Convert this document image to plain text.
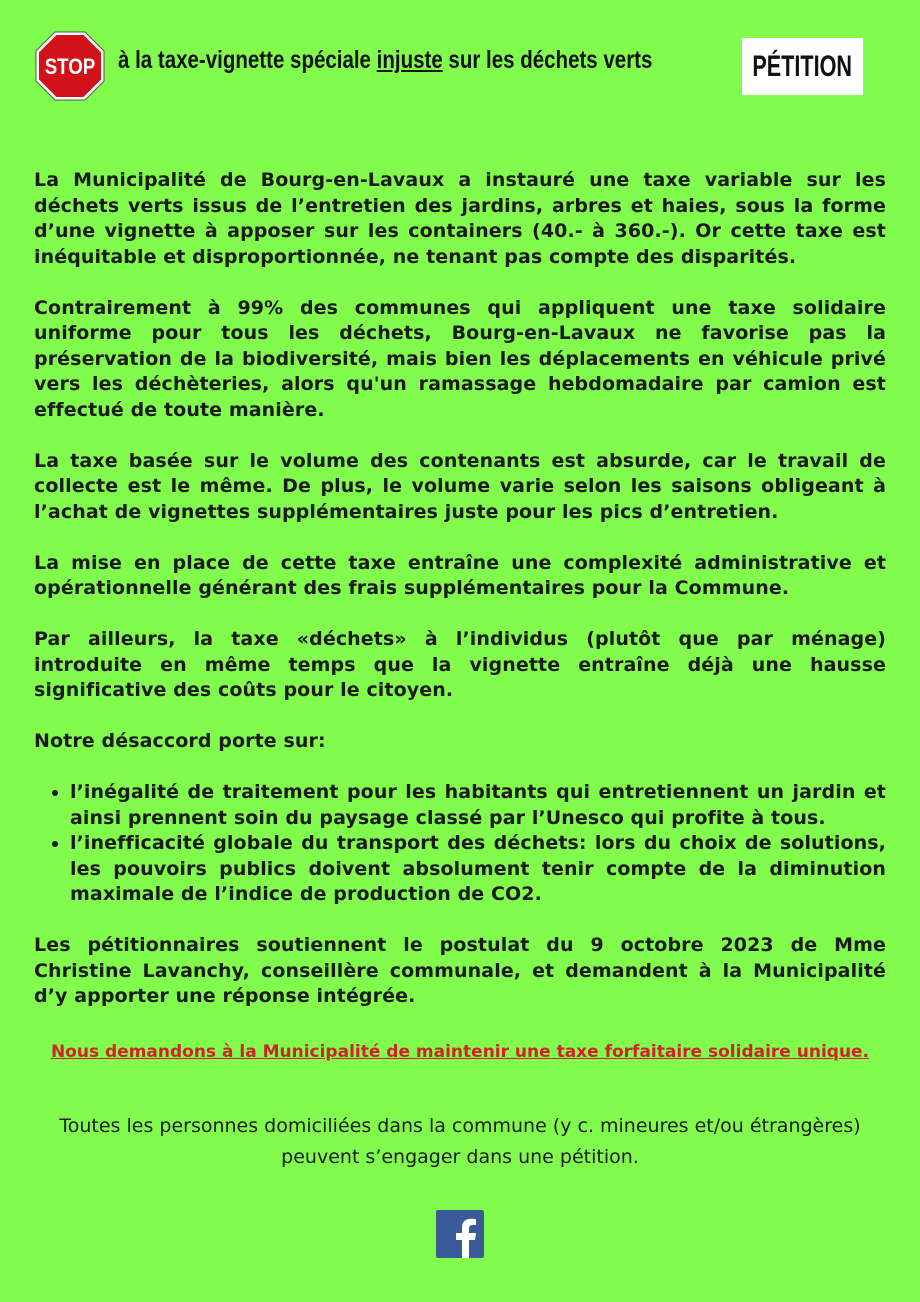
STOP à la taxe-vignette spéciale injuste sur les déchets verts	PÉTITION

La Municipalité de Bourg-en-Lavaux a instauré une taxe variable sur les déchets verts issus de l’entretien des jardins, arbres et haies, sous la forme d’une vignette à apposer sur les containers (40.- à 360.-). Or cette taxe est inéquitable et disproportionnée, ne tenant pas compte des disparités.

Contrairement à 99% des communes qui appliquent une taxe solidaire uniforme pour tous les déchets, Bourg-en-Lavaux ne favorise pas la préservation de la biodiversité, mais bien les déplacements en véhicule privé vers les déchèteries, alors qu'un ramassage hebdomadaire par camion est effectué de toute manière.

La taxe basée sur le volume des contenants est absurde, car le travail de collecte est le même. De plus, le volume varie selon les saisons obligeant à l’achat de vignettes supplémentaires juste pour les pics d’entretien.

La mise en place de cette taxe entraîne une complexité administrative et opérationnelle générant des frais supplémentaires pour la Commune.

Par ailleurs, la taxe «déchets» à l’individus (plutôt que par ménage) introduite en même temps que la vignette entraîne déjà une hausse significative des coûts pour le citoyen.

Notre désaccord porte sur:

• l’inégalité de traitement pour les habitants qui entretiennent un jardin et ainsi prennent soin du paysage classé par l’Unesco qui profite à tous.
• l’inefficacité globale du transport des déchets: lors du choix de solutions, les pouvoirs publics doivent absolument tenir compte de la diminution maximale de l’indice de production de CO2.

Les pétitionnaires soutiennent le postulat du 9 octobre 2023 de Mme Christine Lavanchy, conseillère communale, et demandent à la Municipalité d’y apporter une réponse intégrée.

Nous demandons à la Municipalité de maintenir une taxe forfaitaire solidaire unique.
Toutes les personnes domiciliées dans la commune (y c. mineures et/ou étrangères) peuvent s’engager dans une pétition.
